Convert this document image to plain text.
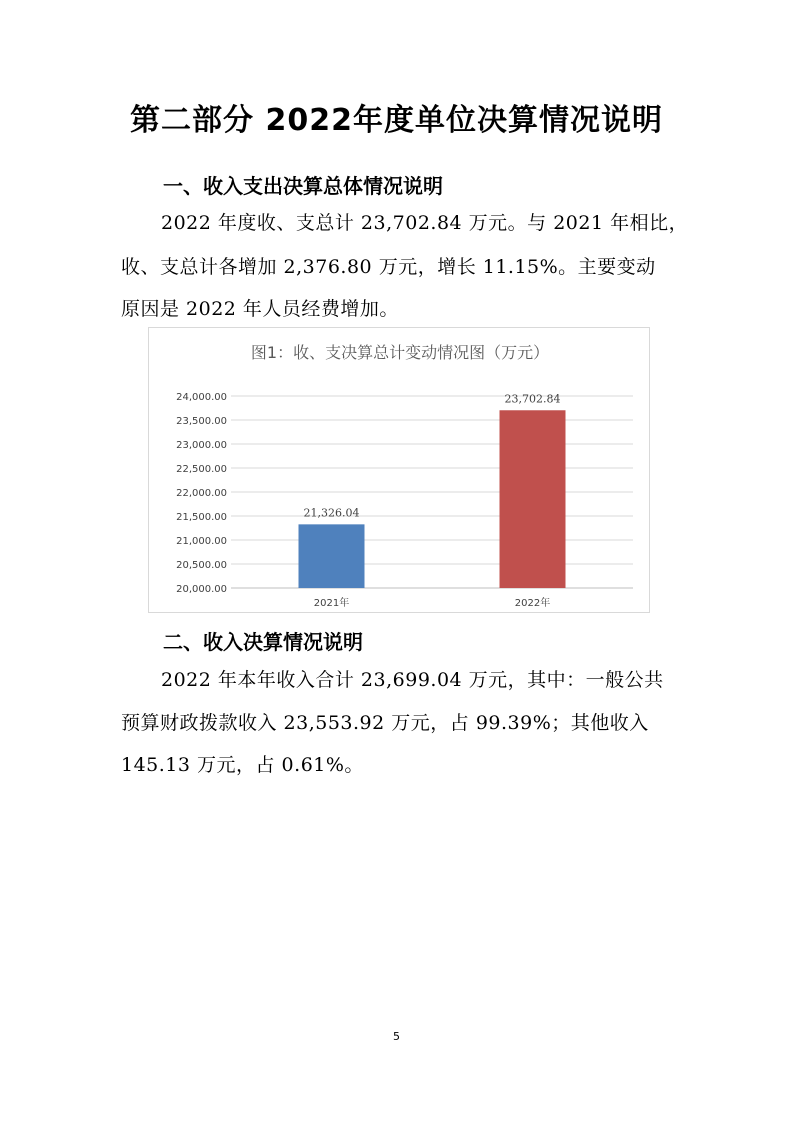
第二部分 2022年度单位决算情况说明
一、收入支出决算总体情况说明
2022 年度收、支总计 23,702.84 万元。与 2021 年相比，
收、支总计各增加 2,376.80 万元，增长 11.15%。主要变动
原因是 2022 年人员经费增加。
图1：收、支决算总计变动情况图（万元）
20,000.00
20,500.00
21,000.00
21,500.00
22,000.00
22,500.00
23,000.00
23,500.00
24,000.00
21,326.04
2021年
23,702.84
2022年
二、收入决算情况说明
2022 年本年收入合计 23,699.04 万元，其中：一般公共
预算财政拨款收入 23,553.92 万元，占 99.39%；其他收入
145.13 万元，占 0.61%。
5
